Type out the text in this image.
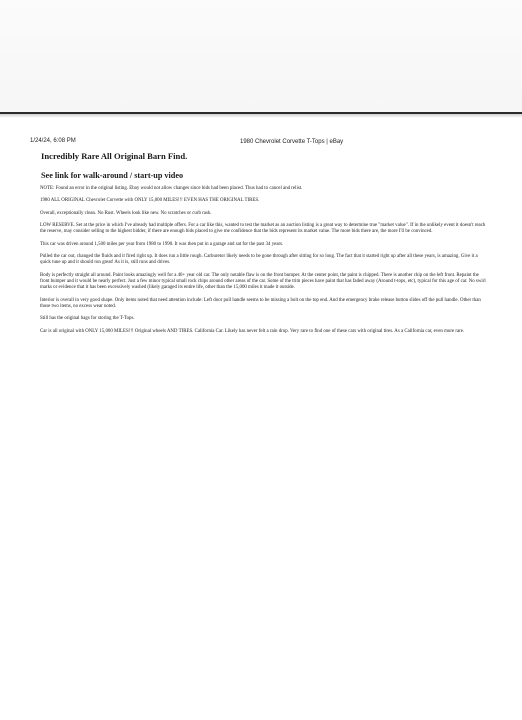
1/24/24, 6:08 PM	1980 Chevrolet Corvette T-Tops | eBay
Incredibly Rare All Original Barn Find.
See link for walk-around / start-up video

NOTE: Found an error in the original listing. Ebay would not allow changes since bids had been placed. Thus had to cancel and relist.

1980 ALL ORIGINAL Chevrolet Corvette with ONLY 15,000 MILES!!! EVEN HAS THE ORIGINAL TIRES.

Overall, exceptionally clean. No Rust. Wheels look like new. No scratches or curb rash.

LOW RESERVE. Set at the price in which I've already had multiple offers. For a car like this, wanted to test the market as an auction listing is a great way to determine true "market value". If in the unlikely event it doesn't reach the reserve, may consider selling to the highest bidder, if there are enough bids placed to give me confidence that the bids represent its market value. The more bids there are, the more I'll be convinced.

This car was driven around 1,500 miles per year from 1980 to 1990. It was then put in a garage and sat for the past 34 years.

Pulled the car out, changed the fluids and it fired right up. It does run a little rough. Carburetor likely needs to be gone through after sitting for so long. The fact that it started right up after all these years, is amazing. Give it a quick tune up and it should run great! As it is, still runs and drives.

Body is perfectly straight all around. Paint looks amazingly well for a 40+ year old car. The only notable flaw is on the front bumper. At the center point, the paint is chipped. There is another chip on the left front. Repaint the front bumper and it would be nearly perfect. Just a few minor typical small rock chips around other areas of the car. Some of the trim pieces have paint that has faded away (Around t-tops, etc), typical for this age of car. No swirl marks or evidence that it has been excessively washed (likely garaged its entire life, other than the 15,000 miles it made it outside.

Interior is overall in very good shape. Only items noted that need attention include: Left door pull handle seems to be missing a bolt on the top end. And the emergency brake release button slides off the pull handle. Other than those two items, no excess wear noted.

Still has the original bags for storing the T-Tops.

Car is all original with ONLY 15,000 MILES!!! Original wheels AND TIRES. California Car. Likely has never felt a rain drop. Very rare to find one of these cars with original tires. As a California car, even more rare.
